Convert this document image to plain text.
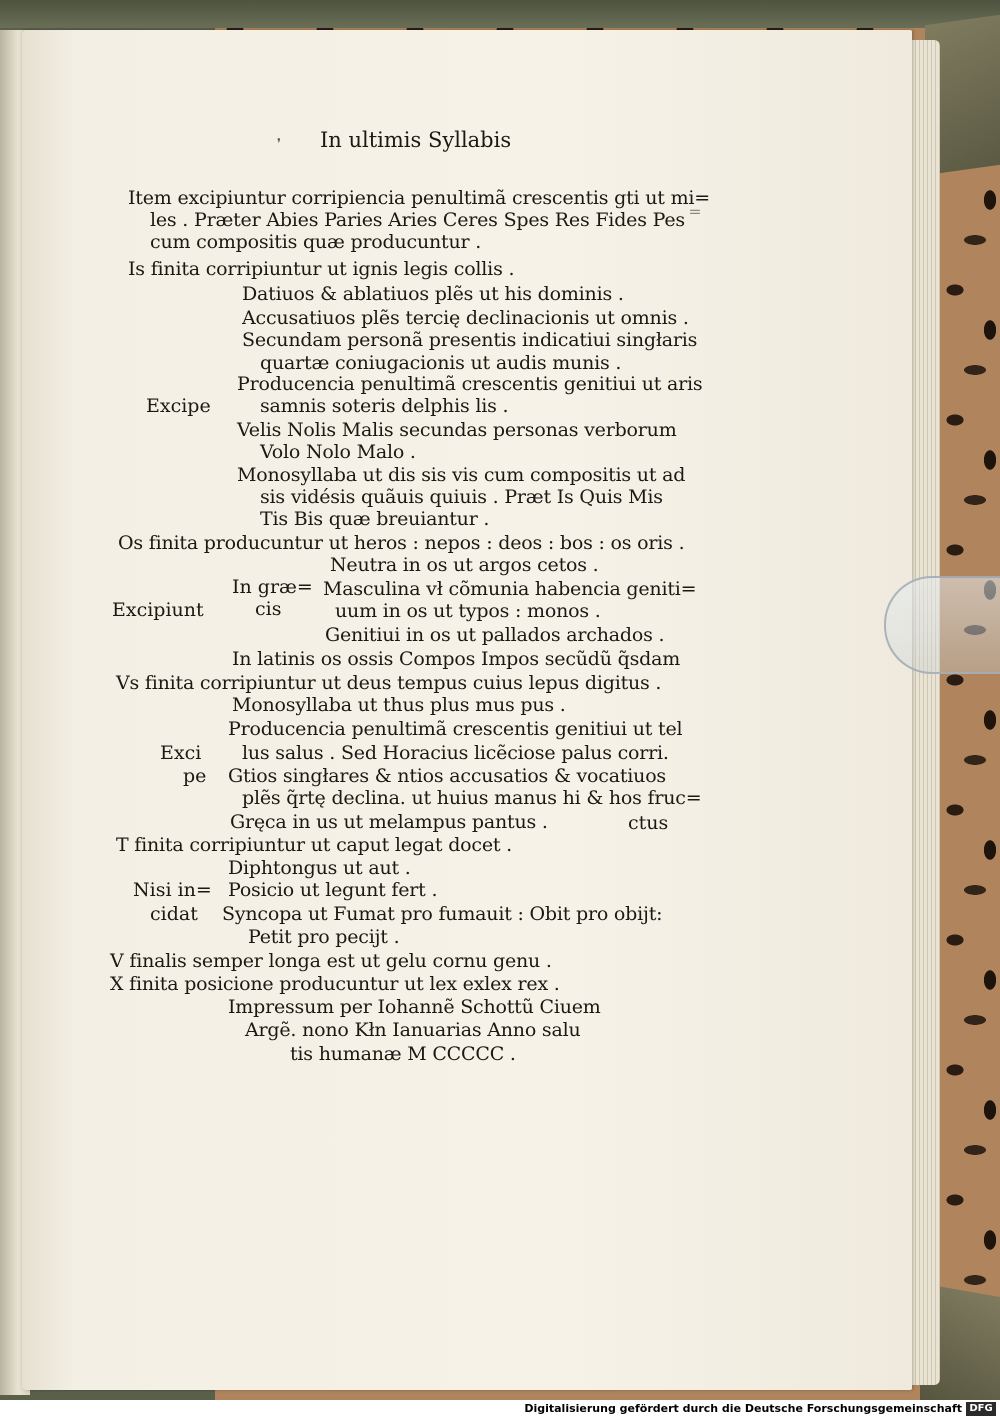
❜ In ultimis Syllabis
Item excipiuntur corripiencia penultimã crescentis gti ut mi=
les . Præter Abies Paries Aries Ceres Spes Res Fides Pes
cum compositis quæ producuntur .
Is finita corripiuntur ut ignis legis collis .
Datiuos & ablatiuos plẽs ut his dominis .
Accusatiuos plẽs tercię declinacionis ut omnis .
Secundam personã presentis indicatiui singłaris
quartæ coniugacionis ut audis munis .
Producencia penultimã crescentis genitiui ut aris
samnis soteris delphis lis .
Velis Nolis Malis secundas personas verborum
Volo Nolo Malo .
Monosyllaba ut dis sis vis cum compositis ut ad
sis vidésis quãuis quiuis . Præt Is Quis Mis
Tis Bis quæ breuiantur .
Os finita producuntur ut heros : nepos : deos : bos : os oris .
Neutra in os ut argos cetos .
Masculina vł cõmunia habencia geniti=
uum in os ut typos : monos .
Genitiui in os ut pallados archados .
In latinis os ossis Compos Impos secũdũ q̃sdam
Vs finita corripiuntur ut deus tempus cuius lepus digitus .
Monosyllaba ut thus plus mus pus .
Producencia penultimã crescentis genitiui ut tel
lus salus . Sed Horacius licẽciose palus corri.
Gtios singłares & ntios accusatios & vocatiuos
plẽs q̃rtę declina. ut huius manus hi & hos fruc=
Gręca in us ut melampus pantus .
T finita corripiuntur ut caput legat docet .
Diphtongus ut aut .
Posicio ut legunt fert .
Syncopa ut Fumat pro fumauit : Obit pro obijt:
Petit pro pecijt .
V finalis semper longa est ut gelu cornu genu .
X finita posicione producuntur ut lex exlex rex .
Impressum per Iohannẽ Schottũ Ciuem
Argẽ. nono Kłn Ianuarias Anno salu
tis humanæ M CCCCC .
Excipe
In græ=
cis
Excipiunt
Exci
pe
ctus
Nisi in=
cidat
＝
Digitalisierung gefördert durch die Deutsche Forschungsgemeinschaft DFG
